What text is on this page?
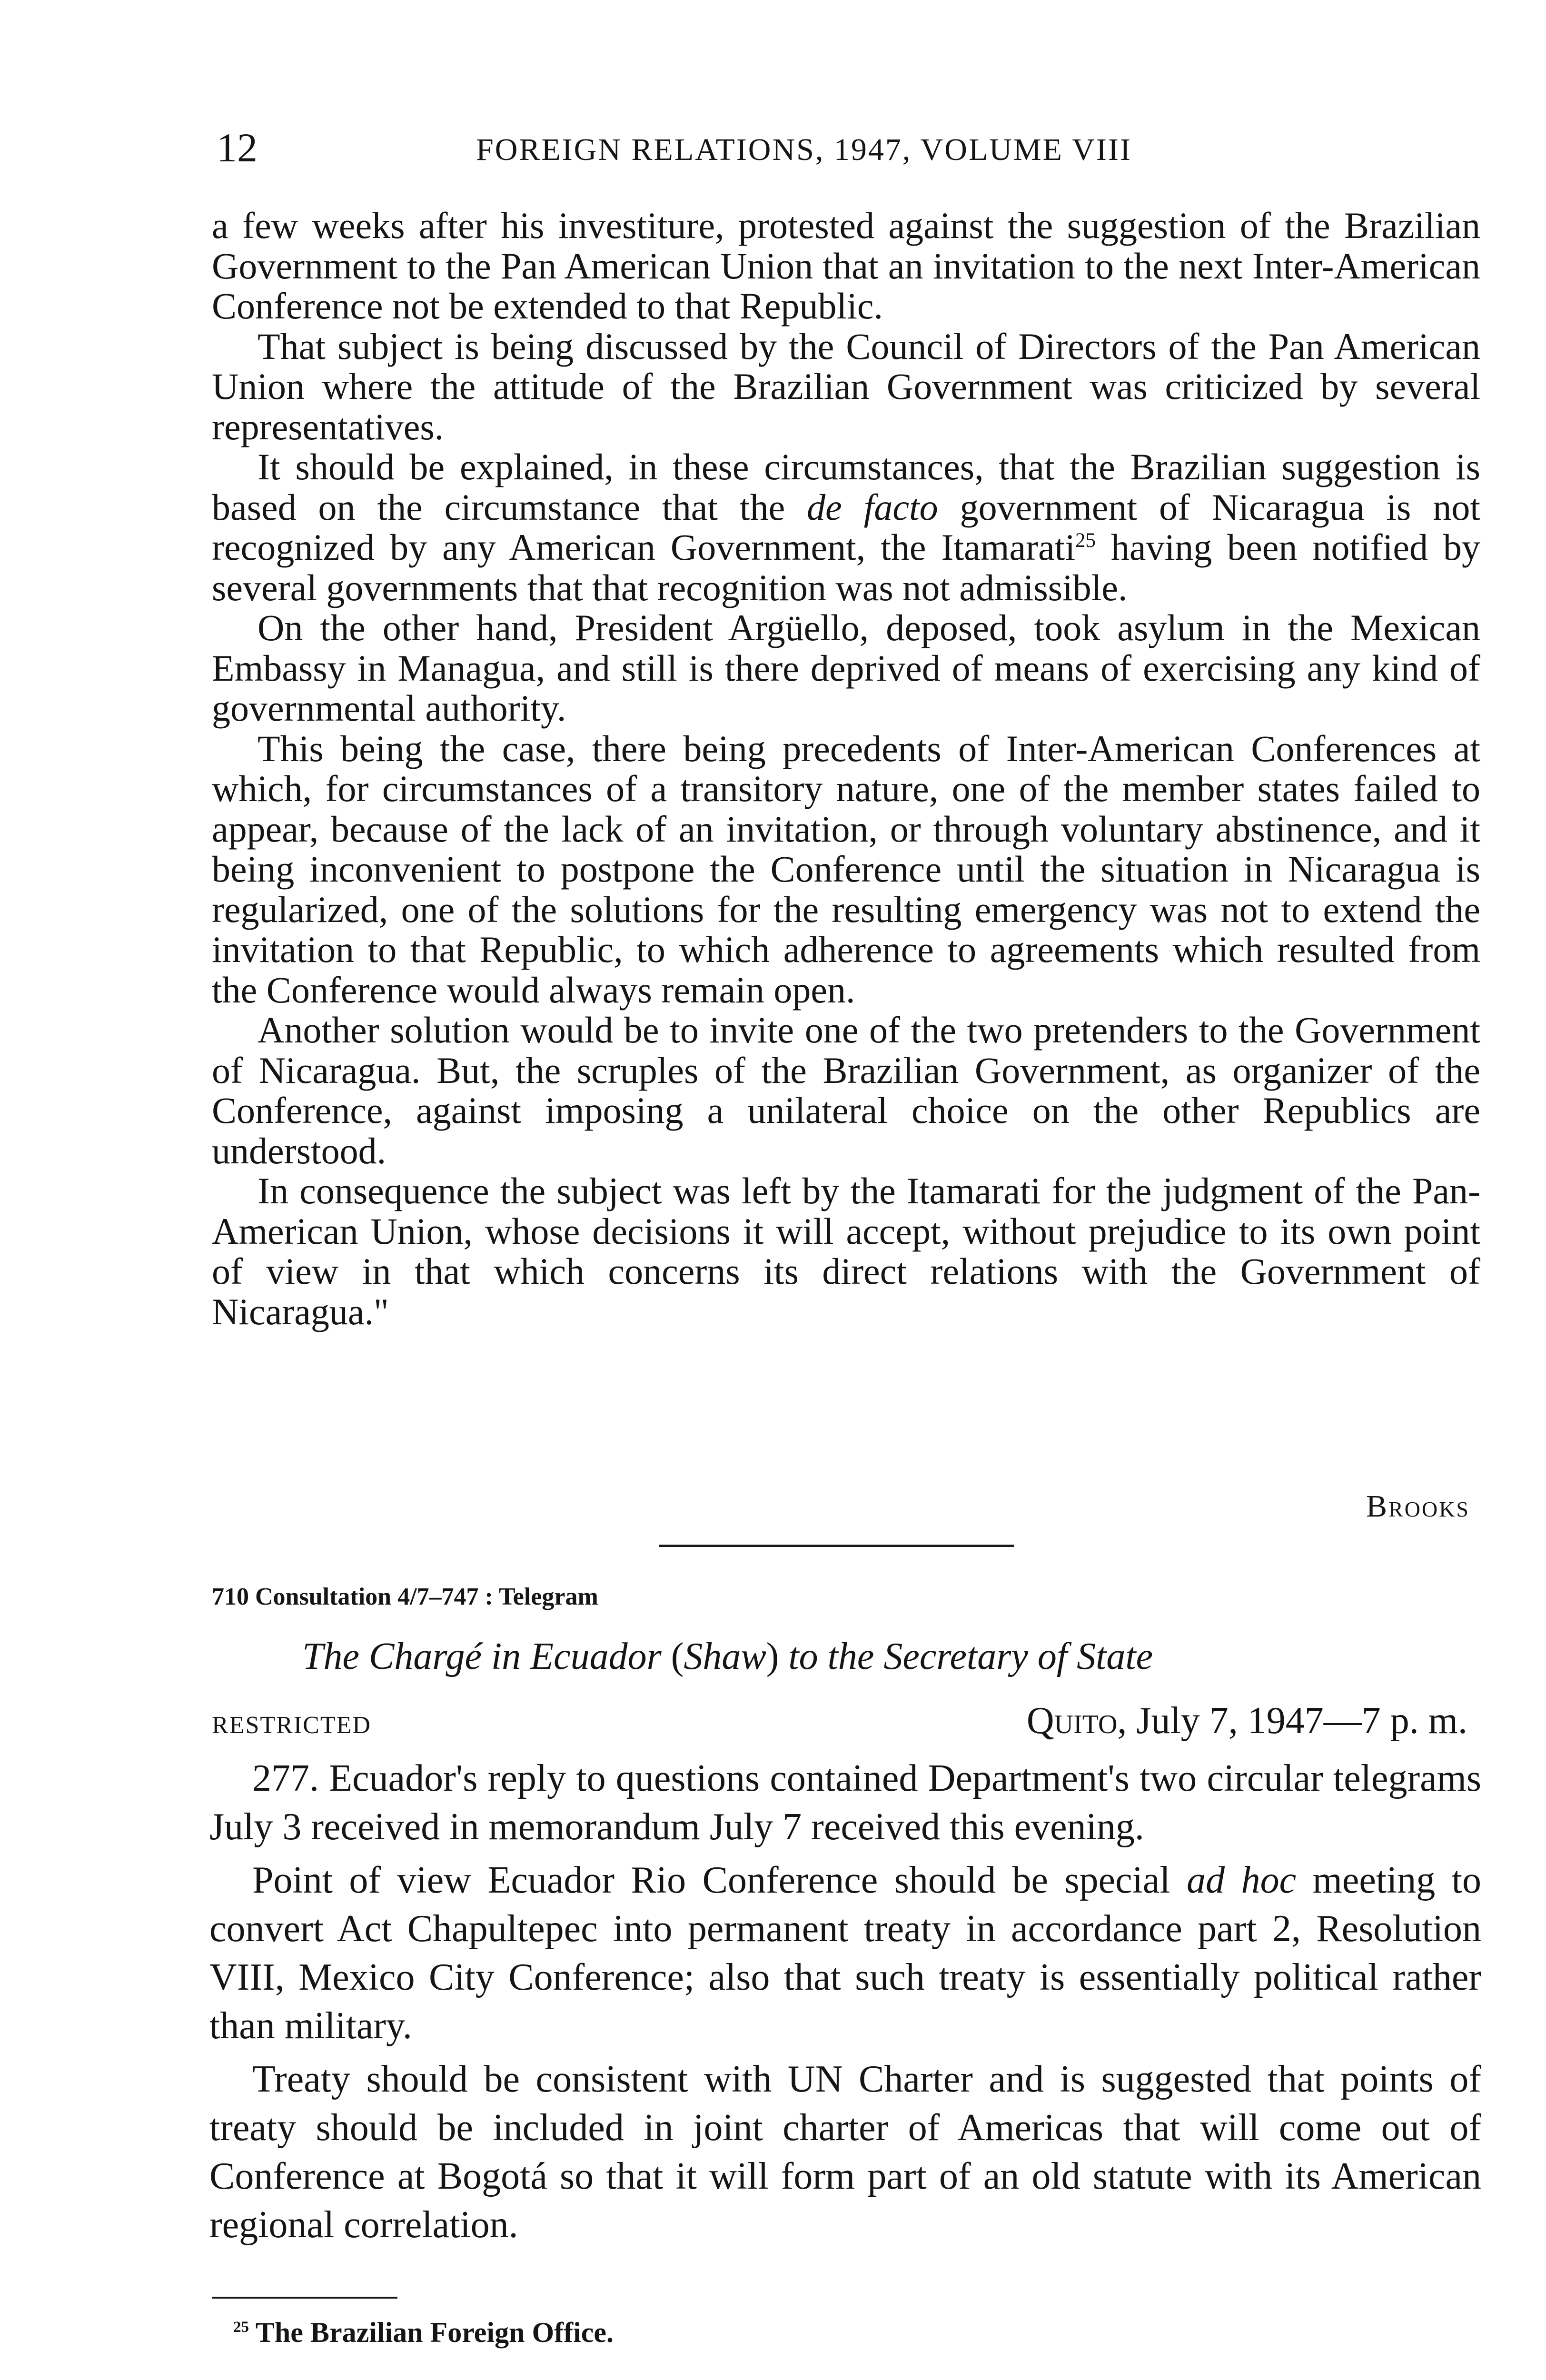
12	FOREIGN RELATIONS, 1947, VOLUME VIII

a few weeks after his investiture, protested against the suggestion of the Brazilian Government to the Pan American Union that an invitation to the next Inter-American Conference not be extended to that Republic.

That subject is being discussed by the Council of Directors of the Pan American Union where the attitude of the Brazilian Government was criticized by several representatives.

It should be explained, in these circumstances, that the Brazilian suggestion is based on the circumstance that the de facto government of Nicaragua is not recognized by any American Government, the Itamarati$^{25}$ having been notified by several governments that that recognition was not admissible.

On the other hand, President Argüello, deposed, took asylum in the Mexican Embassy in Managua, and still is there deprived of means of exercising any kind of governmental authority.

This being the case, there being precedents of Inter-American Conferences at which, for circumstances of a transitory nature, one of the member states failed to appear, because of the lack of an invitation, or through voluntary abstinence, and it being inconvenient to postpone the Conference until the situation in Nicaragua is regularized, one of the solutions for the resulting emergency was not to extend the invitation to that Republic, to which adherence to agreements which resulted from the Conference would always remain open.

Another solution would be to invite one of the two pretenders to the Government of Nicaragua. But, the scruples of the Brazilian Government, as organizer of the Conference, against imposing a unilateral choice on the other Republics are understood.

In consequence the subject was left by the Itamarati for the judgment of the Pan-American Union, whose decisions it will accept, without prejudice to its own point of view in that which concerns its direct relations with the Government of Nicaragua."

Brooks
710 Consultation 4/7–747 : Telegram
The Chargé in Ecuador (Shaw) to the Secretary of State
RESTRICTED	Quito, July 7, 1947—7 p. m.

277. Ecuador's reply to questions contained Department's two circular telegrams July 3 received in memorandum July 7 received this evening.

Point of view Ecuador Rio Conference should be special ad hoc meeting to convert Act Chapultepec into permanent treaty in accordance part 2, Resolution VIII, Mexico City Conference; also that such treaty is essentially political rather than military.

Treaty should be consistent with UN Charter and is suggested that points of treaty should be included in joint charter of Americas that will come out of Conference at Bogotá so that it will form part of an old statute with its American regional correlation.

$^{25}$ The Brazilian Foreign Office.
